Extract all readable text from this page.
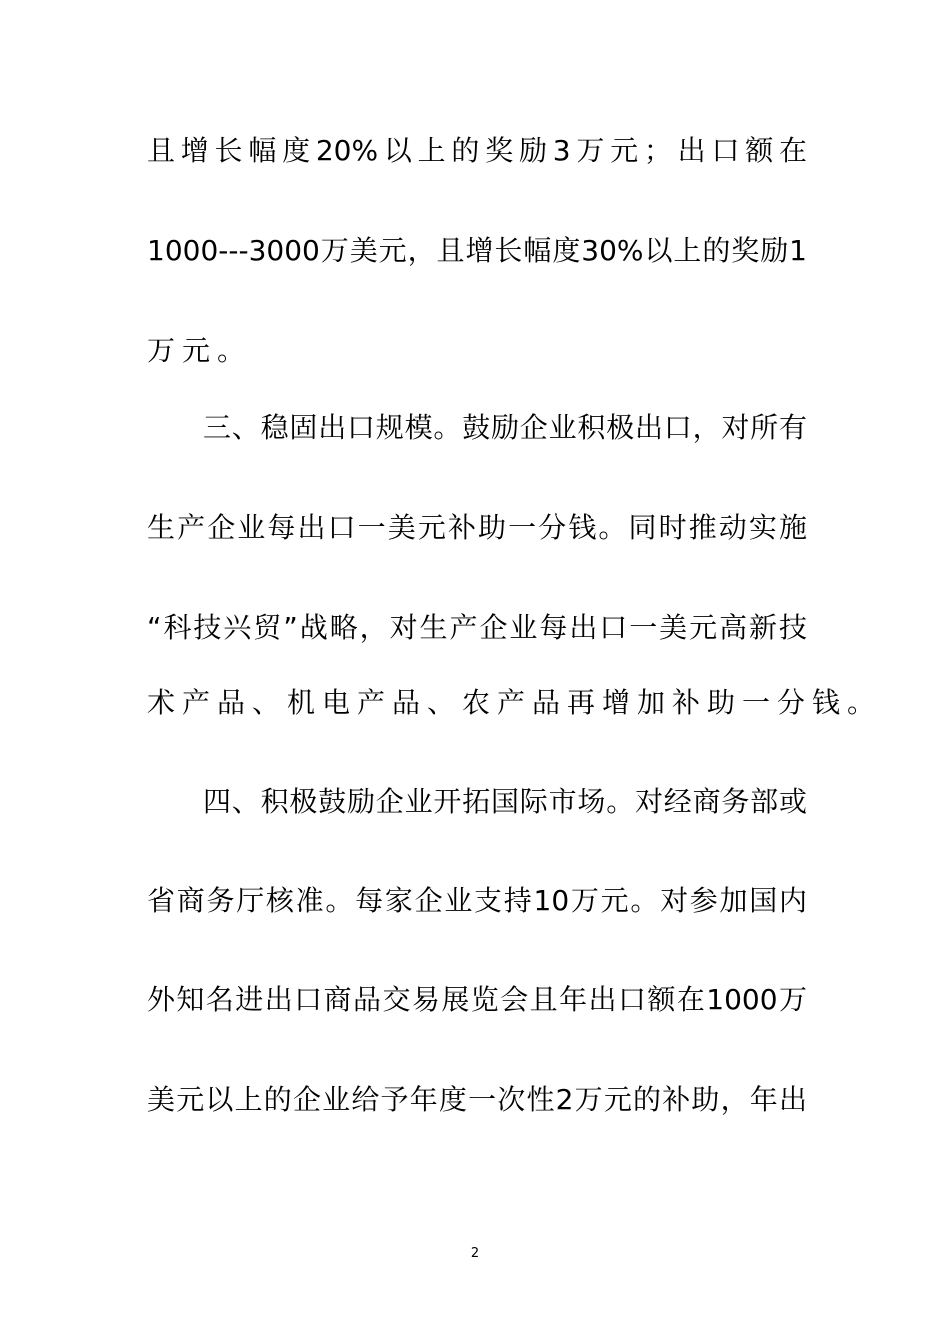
且增长幅度20%以上的奖励3万元；出口额在
1000---3000万美元，且增长幅度30%以上的奖励1
万元。
三、稳固出口规模。鼓励企业积极出口，对所有
生产企业每出口一美元补助一分钱。同时推动实施
“科技兴贸”战略，对生产企业每出口一美元高新技
术产品、机电产品、农产品再增加补助一分钱。
四、积极鼓励企业开拓国际市场。对经商务部或
省商务厅核准。每家企业支持10万元。对参加国内
外知名进出口商品交易展览会且年出口额在1000万
美元以上的企业给予年度一次性2万元的补助，年出
2
